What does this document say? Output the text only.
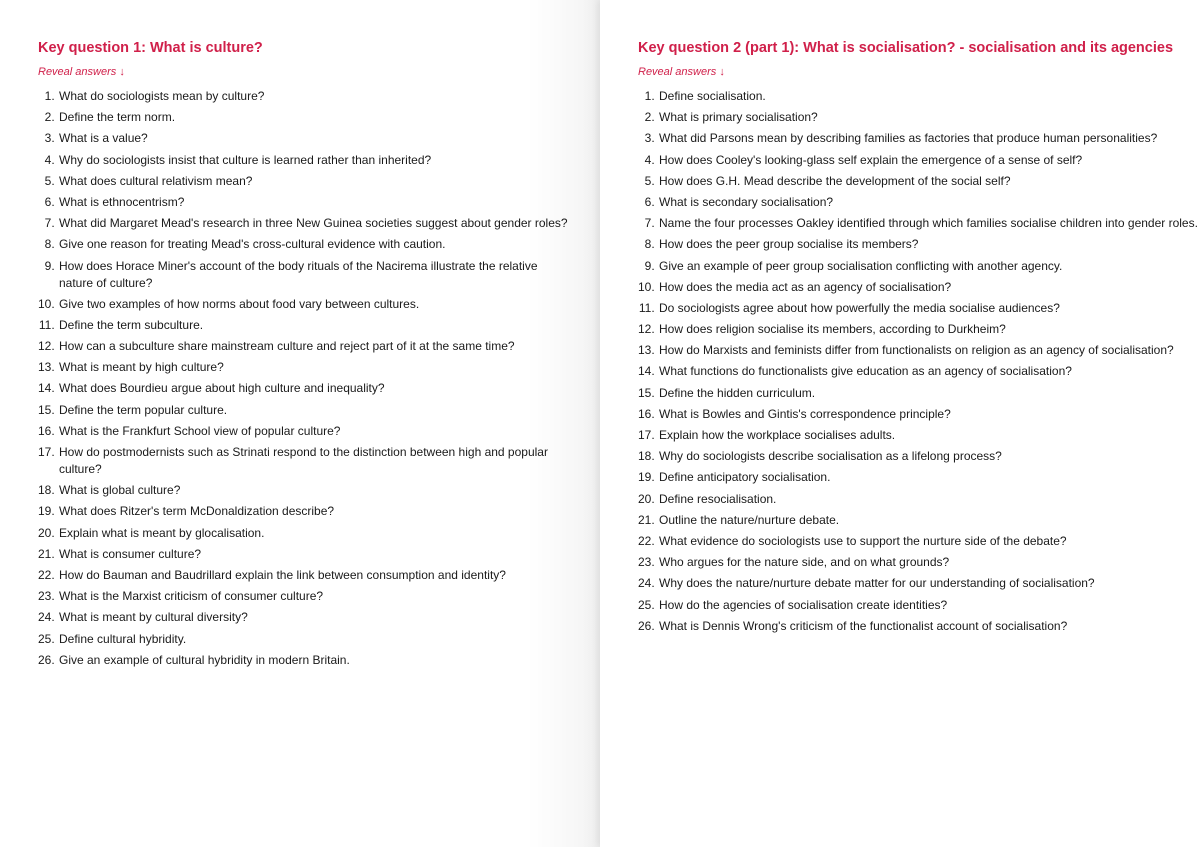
Key question 1: What is culture?
Reveal answers ↓
1. What do sociologists mean by culture?
2. Define the term norm.
3. What is a value?
4. Why do sociologists insist that culture is learned rather than inherited?
5. What does cultural relativism mean?
6. What is ethnocentrism?
7. What did Margaret Mead's research in three New Guinea societies suggest about gender roles?
8. Give one reason for treating Mead's cross-cultural evidence with caution.
9. How does Horace Miner's account of the body rituals of the Nacirema illustrate the relative nature of culture?
10. Give two examples of how norms about food vary between cultures.
11. Define the term subculture.
12. How can a subculture share mainstream culture and reject part of it at the same time?
13. What is meant by high culture?
14. What does Bourdieu argue about high culture and inequality?
15. Define the term popular culture.
16. What is the Frankfurt School view of popular culture?
17. How do postmodernists such as Strinati respond to the distinction between high and popular culture?
18. What is global culture?
19. What does Ritzer's term McDonaldization describe?
20. Explain what is meant by glocalisation.
21. What is consumer culture?
22. How do Bauman and Baudrillard explain the link between consumption and identity?
23. What is the Marxist criticism of consumer culture?
24. What is meant by cultural diversity?
25. Define cultural hybridity.
26. Give an example of cultural hybridity in modern Britain.
Key question 2 (part 1): What is socialisation? - socialisation and its agencies
Reveal answers ↓
1. Define socialisation.
2. What is primary socialisation?
3. What did Parsons mean by describing families as factories that produce human personalities?
4. How does Cooley's looking-glass self explain the emergence of a sense of self?
5. How does G.H. Mead describe the development of the social self?
6. What is secondary socialisation?
7. Name the four processes Oakley identified through which families socialise children into gender roles.
8. How does the peer group socialise its members?
9. Give an example of peer group socialisation conflicting with another agency.
10. How does the media act as an agency of socialisation?
11. Do sociologists agree about how powerfully the media socialise audiences?
12. How does religion socialise its members, according to Durkheim?
13. How do Marxists and feminists differ from functionalists on religion as an agency of socialisation?
14. What functions do functionalists give education as an agency of socialisation?
15. Define the hidden curriculum.
16. What is Bowles and Gintis's correspondence principle?
17. Explain how the workplace socialises adults.
18. Why do sociologists describe socialisation as a lifelong process?
19. Define anticipatory socialisation.
20. Define resocialisation.
21. Outline the nature/nurture debate.
22. What evidence do sociologists use to support the nurture side of the debate?
23. Who argues for the nature side, and on what grounds?
24. Why does the nature/nurture debate matter for our understanding of socialisation?
25. How do the agencies of socialisation create identities?
26. What is Dennis Wrong's criticism of the functionalist account of socialisation?
